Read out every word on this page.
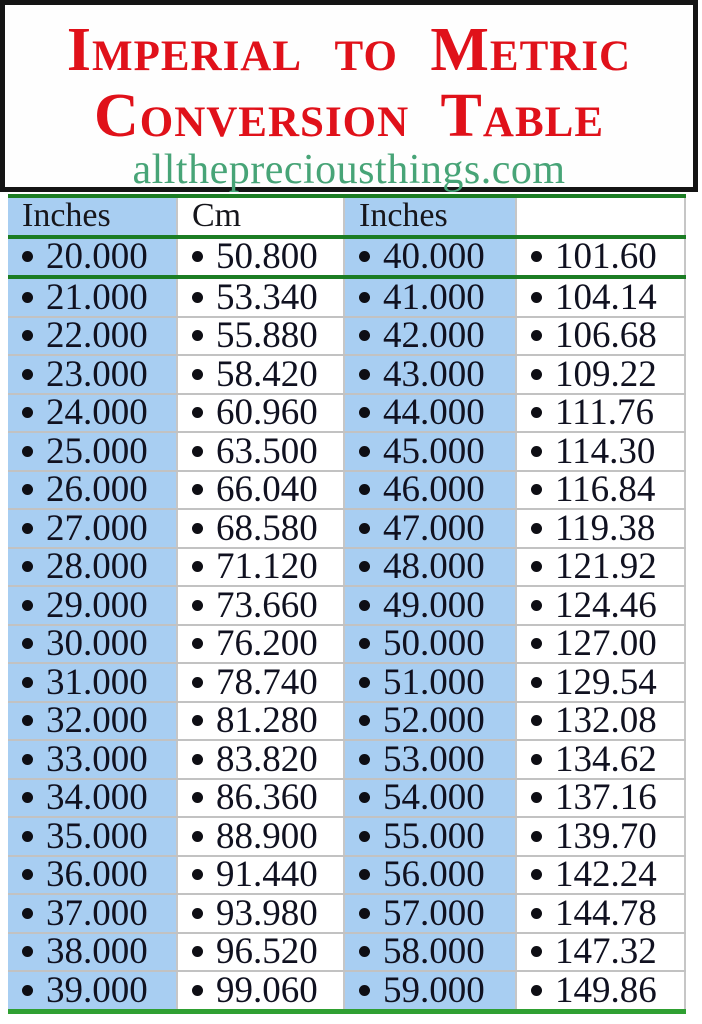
Imperial to Metric
Conversion Table
allthepreciousthings.com
Inches Cm	Inches
20.000 50.800 40.000 101.60
21.000 53.340 41.000 104.14
22.000 55.880 42.000 106.68
23.000 58.420 43.000 109.22
24.000 60.960 44.000 111.76
25.000 63.500 45.000 114.30
26.000 66.040 46.000 116.84
27.000 68.580 47.000 119.38
28.000 71.120 48.000 121.92
29.000 73.660 49.000 124.46
30.000 76.200 50.000 127.00
31.000 78.740 51.000 129.54
32.000 81.280 52.000 132.08
33.000 83.820 53.000 134.62
34.000 86.360 54.000 137.16
35.000 88.900 55.000 139.70
36.000 91.440 56.000 142.24
37.000 93.980 57.000 144.78
38.000 96.520 58.000 147.32
39.000 99.060 59.000 149.86
